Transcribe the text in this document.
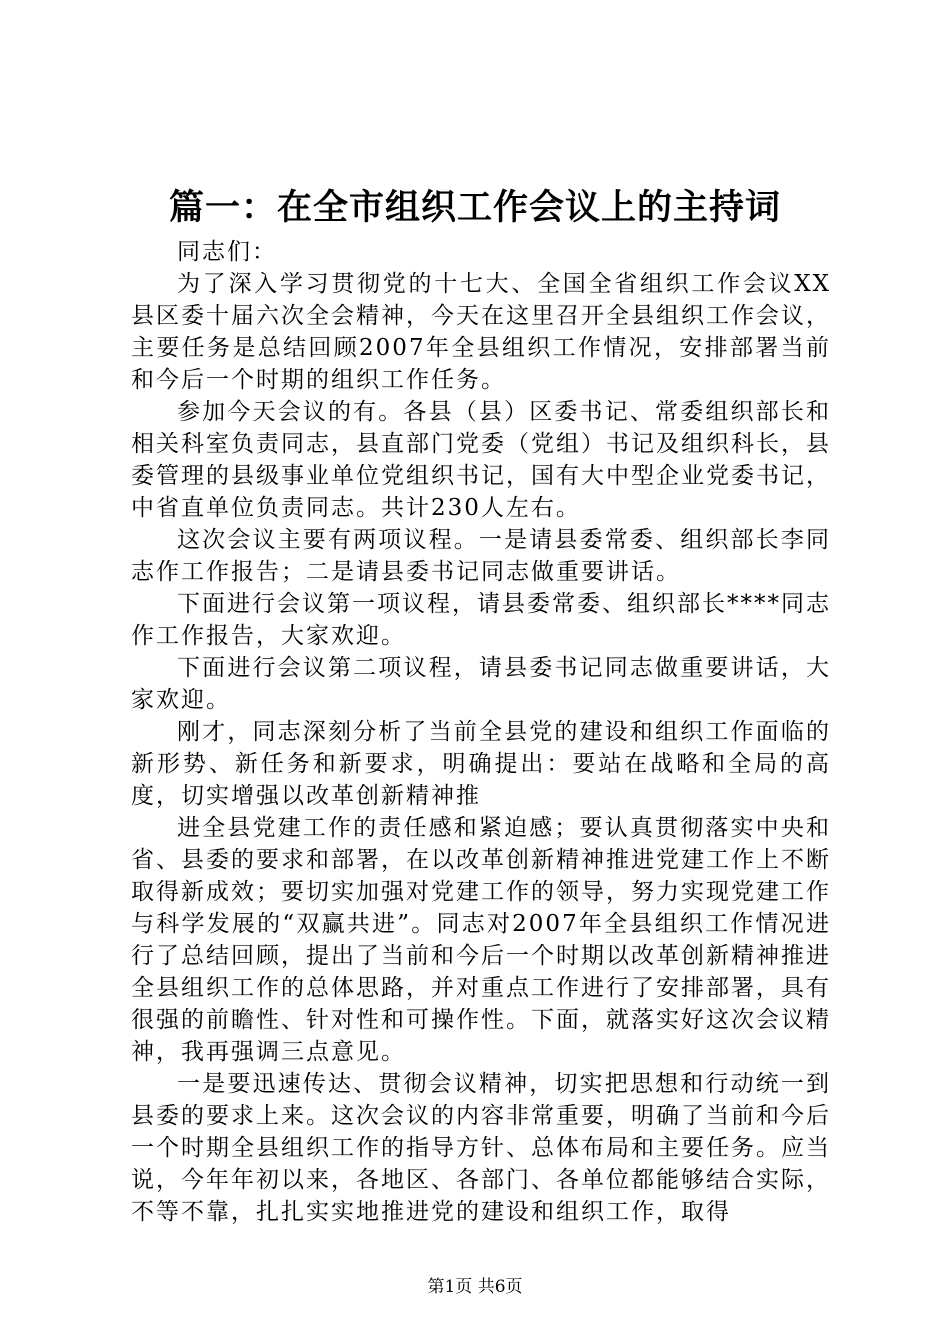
篇一：在全市组织工作会议上的主持词

同志们：

为了深入学习贯彻党的十七大、全国全省组织工作会议XX县区委十届六次全会精神，今天在这里召开全县组织工作会议，主要任务是总结回顾2007年全县组织工作情况，安排部署当前和今后一个时期的组织工作任务。

参加今天会议的有。各县（县）区委书记、常委组织部长和相关科室负责同志，县直部门党委（党组）书记及组织科长，县委管理的县级事业单位党组织书记，国有大中型企业党委书记，中省直单位负责同志。共计230人左右。

这次会议主要有两项议程。一是请县委常委、组织部长李同志作工作报告；二是请县委书记同志做重要讲话。

下面进行会议第一项议程，请县委常委、组织部长****同志作工作报告，大家欢迎。

下面进行会议第二项议程，请县委书记同志做重要讲话，大家欢迎。

刚才，同志深刻分析了当前全县党的建设和组织工作面临的新形势、新任务和新要求，明确提出：要站在战略和全局的高度，切实增强以改革创新精神推

进全县党建工作的责任感和紧迫感；要认真贯彻落实中央和省、县委的要求和部署，在以改革创新精神推进党建工作上不断取得新成效；要切实加强对党建工作的领导，努力实现党建工作与科学发展的“双赢共进”。同志对2007年全县组织工作情况进行了总结回顾，提出了当前和今后一个时期以改革创新精神推进全县组织工作的总体思路，并对重点工作进行了安排部署，具有很强的前瞻性、针对性和可操作性。下面，就落实好这次会议精神，我再强调三点意见。

一是要迅速传达、贯彻会议精神，切实把思想和行动统一到县委的要求上来。这次会议的内容非常重要，明确了当前和今后一个时期全县组织工作的指导方针、总体布局和主要任务。应当说，今年年初以来，各地区、各部门、各单位都能够结合实际，不等不靠，扎扎实实地推进党的建设和组织工作，取得

第1页 共6页
